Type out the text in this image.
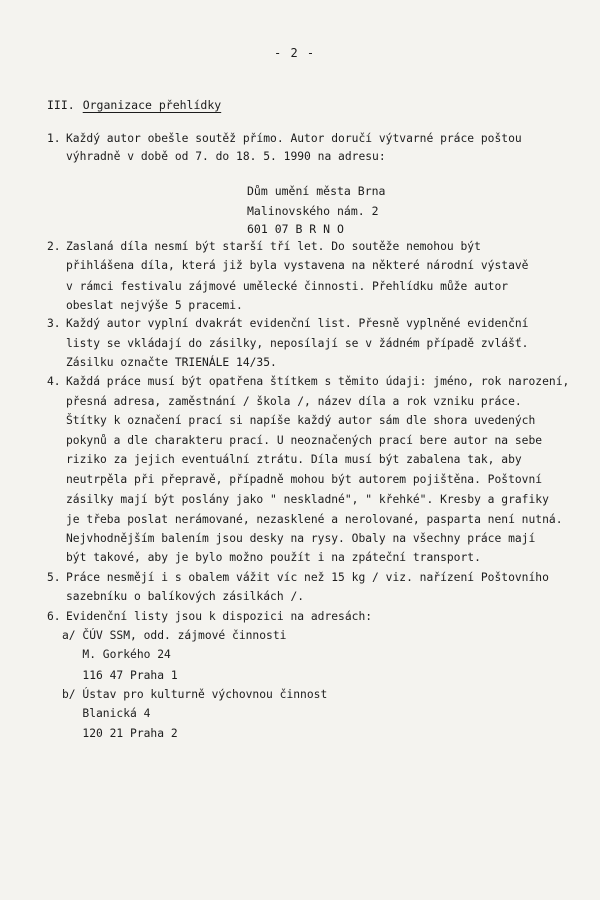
- 2 -
III. Organizace přehlídky
1. Každý autor obešle soutěž přímo. Autor doručí výtvarné práce poštou
výhradně v době od 7. do 18. 5. 1990 na adresu:
Dům umění města Brna
Malinovského nám. 2
601 07 B R N O
2. Zaslaná díla nesmí být starší tří let. Do soutěže nemohou být
přihlášena díla, která již byla vystavena na některé národní výstavě
v rámci festivalu zájmové umělecké činnosti. Přehlídku může autor
obeslat nejvýše 5 pracemi.
3. Každý autor vyplní dvakrát evidenční list. Přesně vyplněné evidenční
listy se vkládají do zásilky, neposílají se v žádném případě zvlášť.
Zásilku označte TRIENÁLE 14/35.
4. Každá práce musí být opatřena štítkem s těmito údaji: jméno, rok narození,
přesná adresa, zaměstnání / škola /, název díla a rok vzniku práce.
Štítky k označení prací si napíše každý autor sám dle shora uvedených
pokynů a dle charakteru prací. U neoznačených prací bere autor na sebe
riziko za jejich eventuální ztrátu. Díla musí být zabalena tak, aby
neutrpěla při přepravě, případně mohou být autorem pojištěna. Poštovní
zásilky mají být poslány jako " neskladné", " křehké". Kresby a grafiky
je třeba poslat nerámované, nezasklené a nerolované, pasparta není nutná.
Nejvhodnějším balením jsou desky na rysy. Obaly na všechny práce mají
být takové, aby je bylo možno použít i na zpáteční transport.
5. Práce nesmějí i s obalem vážit víc než 15 kg / viz. nařízení Poštovního
sazebníku o balíkových zásilkách /.
6. Evidenční listy jsou k dispozici na adresách:
a/ ČÚV SSM, odd. zájmové činnosti
M. Gorkého 24
116 47 Praha 1
b/ Ústav pro kulturně výchovnou činnost
Blanická 4
120 21 Praha 2
